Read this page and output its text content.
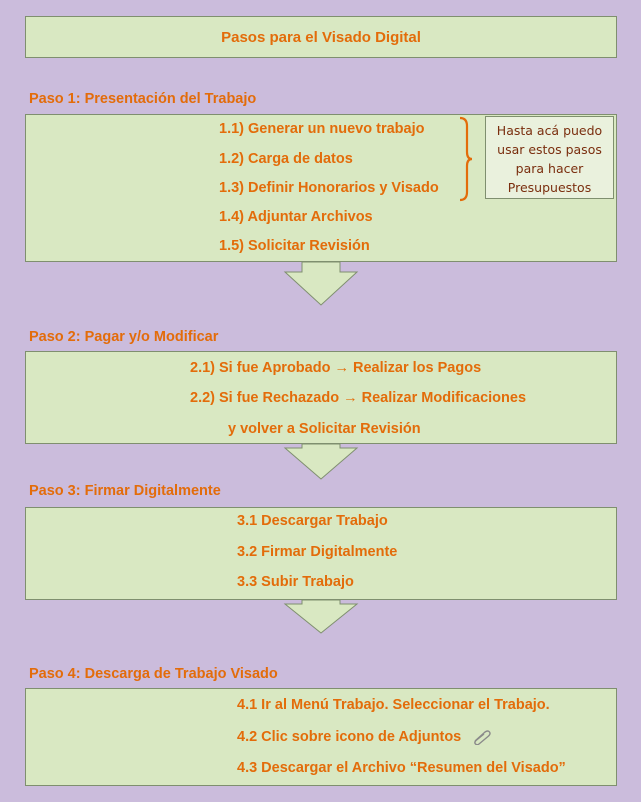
Pasos para el Visado Digital
Paso 1: Presentación del Trabajo
1.1) Generar un nuevo trabajo
1.2) Carga de datos
1.3) Definir Honorarios y Visado
1.4) Adjuntar Archivos
1.5) Solicitar Revisión
Hasta acá puedo
usar estos pasos
para hacer
Presupuestos
Paso 2: Pagar y/o Modificar
2.1) Si fue Aprobado → Realizar los Pagos
2.2) Si fue Rechazado → Realizar Modificaciones
y volver a Solicitar Revisión
Paso 3: Firmar Digitalmente
3.1 Descargar Trabajo
3.2 Firmar Digitalmente
3.3 Subir Trabajo
Paso 4: Descarga de Trabajo Visado
4.1 Ir al Menú Trabajo. Seleccionar el Trabajo.
4.2 Clic sobre icono de Adjuntos
4.3 Descargar el Archivo “Resumen del Visado”
